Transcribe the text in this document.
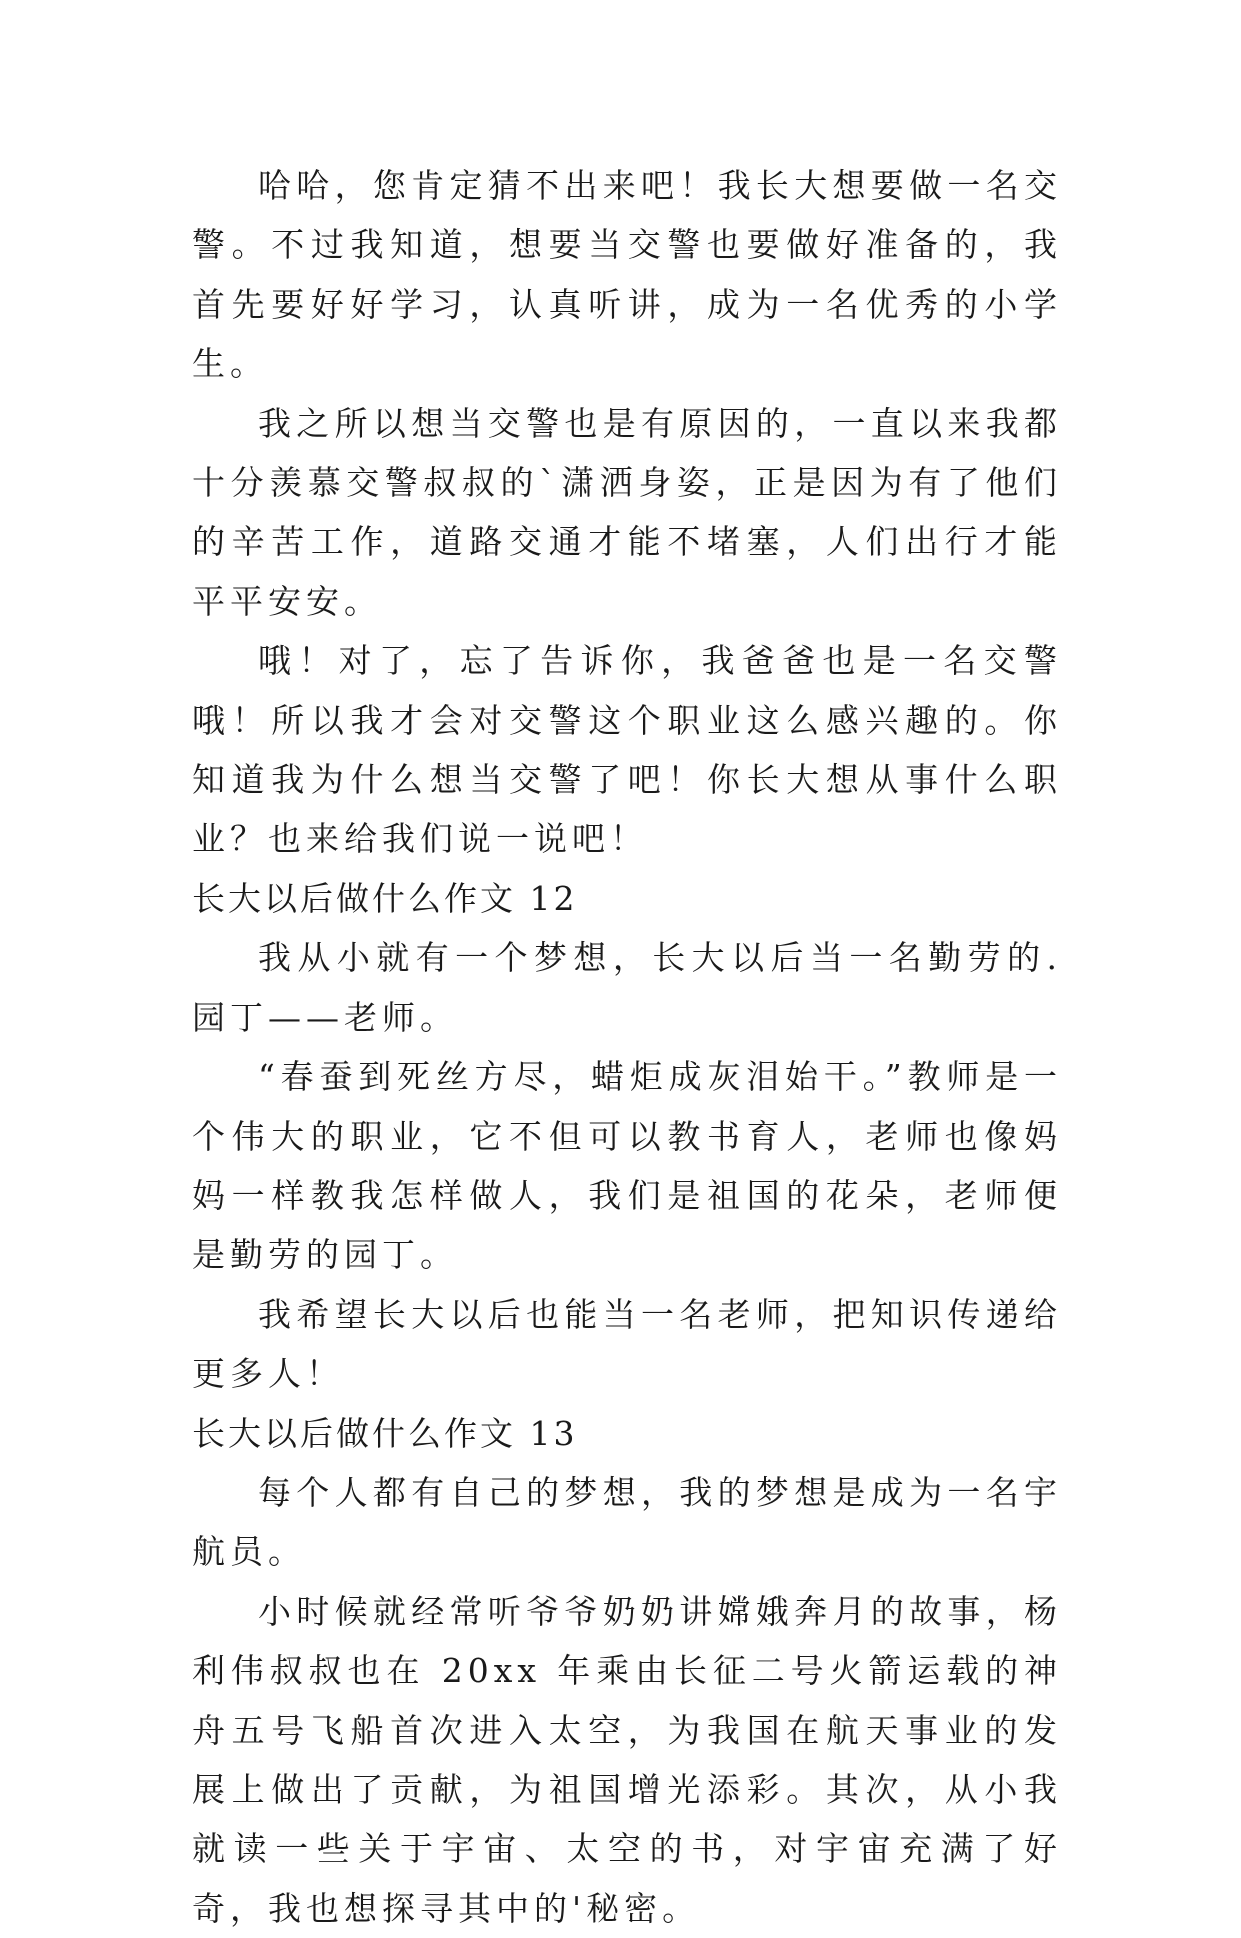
哈哈，您肯定猜不出来吧！我长大想要做一名交警。不过我知道，想要当交警也要做好准备的，我首先要好好学习，认真听讲，成为一名优秀的小学生。

我之所以想当交警也是有原因的，一直以来我都十分羡慕交警叔叔的`潇洒身姿，正是因为有了他们的辛苦工作，道路交通才能不堵塞，人们出行才能平平安安。

哦！对了，忘了告诉你，我爸爸也是一名交警哦！所以我才会对交警这个职业这么感兴趣的。你知道我为什么想当交警了吧！你长大想从事什么职业？也来给我们说一说吧！

长大以后做什么作文 12

我从小就有一个梦想，长大以后当一名勤劳的.园丁——老师。

“春蚕到死丝方尽，蜡炬成灰泪始干。”教师是一个伟大的职业，它不但可以教书育人，老师也像妈妈一样教我怎样做人，我们是祖国的花朵，老师便是勤劳的园丁。

我希望长大以后也能当一名老师，把知识传递给更多人！

长大以后做什么作文 13

每个人都有自己的梦想，我的梦想是成为一名宇航员。

小时候就经常听爷爷奶奶讲嫦娥奔月的故事，杨利伟叔叔也在 20xx 年乘由长征二号火箭运载的神舟五号飞船首次进入太空，为我国在航天事业的发展上做出了贡献，为祖国增光添彩。其次，从小我就读一些关于宇宙、太空的书，对宇宙充满了好奇，我也想探寻其中的'秘密。
